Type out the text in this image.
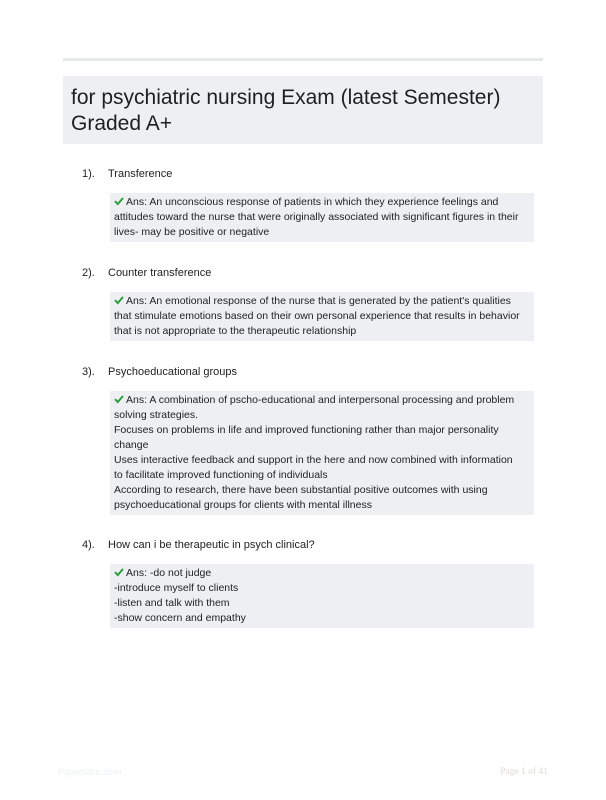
for psychiatric nursing Exam (latest Semester) Graded A+
1). Transference
Ans: An unconscious response of patients in which they experience feelings and
attitudes toward the nurse that were originally associated with significant figures in their
lives- may be positive or negative
2). Counter transference
Ans: An emotional response of the nurse that is generated by the patient's qualities
that stimulate emotions based on their own personal experience that results in behavior
that is not appropriate to the therapeutic relationship
3). Psychoeducational groups
Ans: A combination of pscho-educational and interpersonal processing and problem
solving strategies.
Focuses on problems in life and improved functioning rather than major personality
change
Uses interactive feedback and support in the here and now combined with information
to facilitate improved functioning of individuals
According to research, there have been substantial positive outcomes with using
psychoeducational groups for clients with mental illness
4). How can i be therapeutic in psych clinical?
Ans: -do not judge
-introduce myself to clients
-listen and talk with them
-show concern and empathy
PaperSthic.com	Page 1 of 41
